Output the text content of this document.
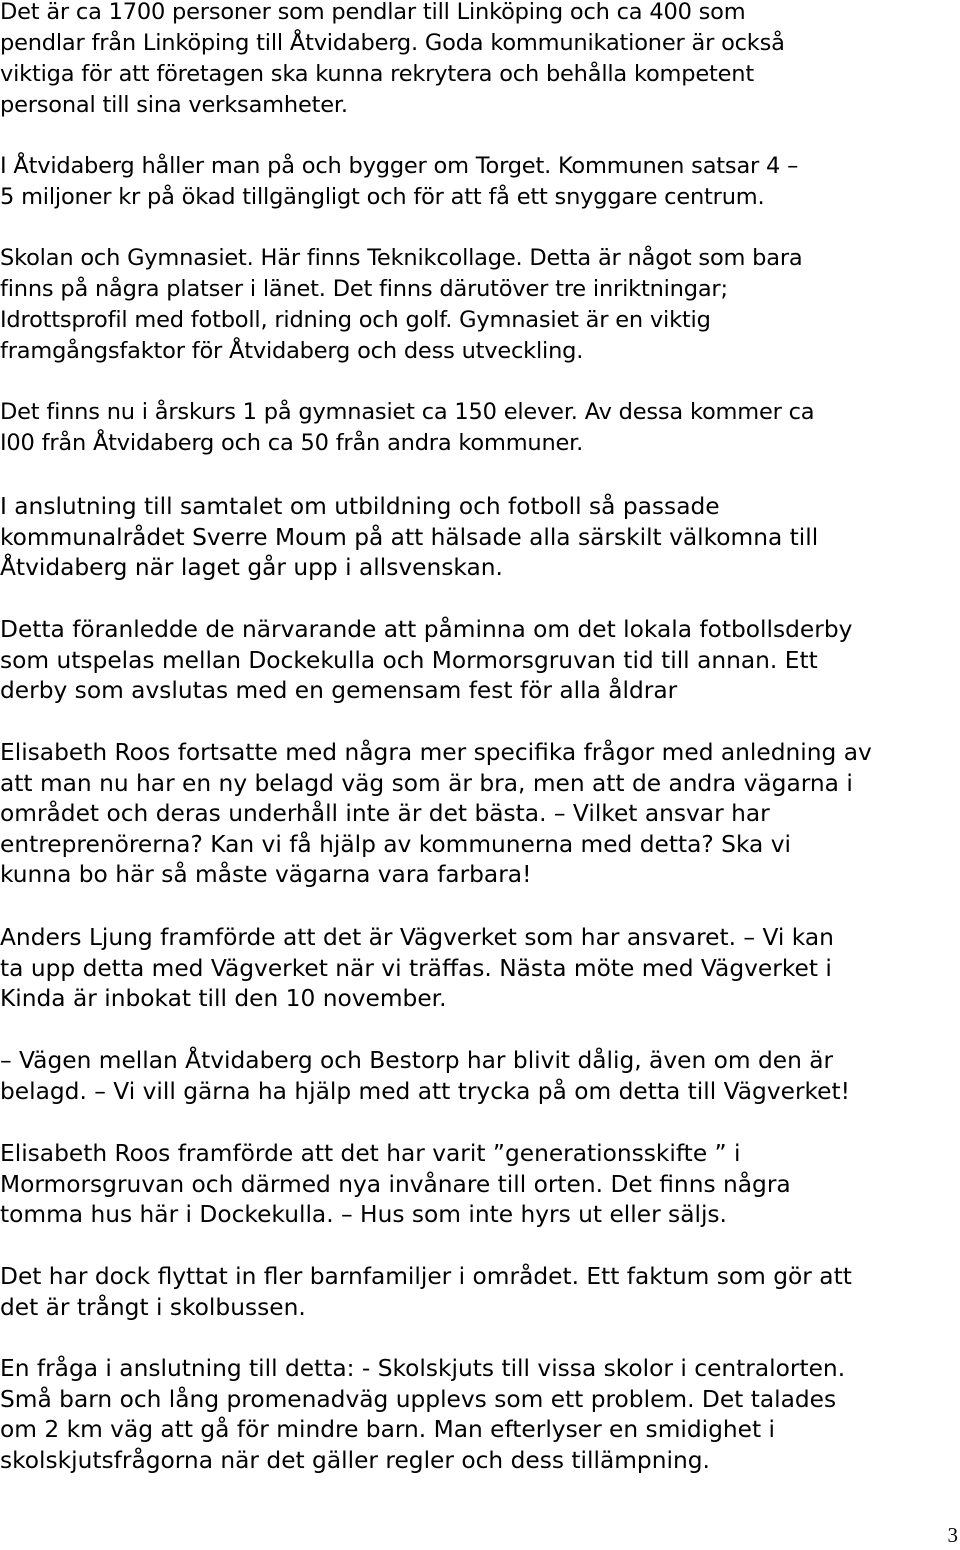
Det är ca 1700 personer som pendlar till Linköping och ca 400 som
pendlar från Linköping till Åtvidaberg. Goda kommunikationer är också
viktiga för att företagen ska kunna rekrytera och behålla kompetent
personal till sina verksamheter.

I Åtvidaberg håller man på och bygger om Torget. Kommunen satsar 4 –
5 miljoner kr på ökad tillgängligt och för att få ett snyggare centrum.

Skolan och Gymnasiet. Här finns Teknikcollage. Detta är något som bara
finns på några platser i länet. Det finns därutöver tre inriktningar;
Idrottsprofil med fotboll, ridning och golf. Gymnasiet är en viktig
framgångsfaktor för Åtvidaberg och dess utveckling.

Det finns nu i årskurs 1 på gymnasiet ca 150 elever. Av dessa kommer ca
I00 från Åtvidaberg och ca 50 från andra kommuner.

I anslutning till samtalet om utbildning och fotboll så passade
kommunalrådet Sverre Moum på att hälsade alla särskilt välkomna till
Åtvidaberg när laget går upp i allsvenskan.

Detta föranledde de närvarande att påminna om det lokala fotbollsderby
som utspelas mellan Dockekulla och Mormorsgruvan tid till annan. Ett
derby som avslutas med en gemensam fest för alla åldrar

Elisabeth Roos fortsatte med några mer specifika frågor med anledning av
att man nu har en ny belagd väg som är bra, men att de andra vägarna i
området och deras underhåll inte är det bästa. – Vilket ansvar har
entreprenörerna? Kan vi få hjälp av kommunerna med detta? Ska vi
kunna bo här så måste vägarna vara farbara!

Anders Ljung framförde att det är Vägverket som har ansvaret. – Vi kan
ta upp detta med Vägverket när vi träffas. Nästa möte med Vägverket i
Kinda är inbokat till den 10 november.

– Vägen mellan Åtvidaberg och Bestorp har blivit dålig, även om den är
belagd. – Vi vill gärna ha hjälp med att trycka på om detta till Vägverket!

Elisabeth Roos framförde att det har varit ”generationsskifte ” i
Mormorsgruvan och därmed nya invånare till orten. Det finns några
tomma hus här i Dockekulla. – Hus som inte hyrs ut eller säljs.

Det har dock flyttat in fler barnfamiljer i området. Ett faktum som gör att
det är trångt i skolbussen.

En fråga i anslutning till detta: - Skolskjuts till vissa skolor i centralorten.
Små barn och lång promenadväg upplevs som ett problem. Det talades
om 2 km väg att gå för mindre barn. Man efterlyser en smidighet i
skolskjutsfrågorna när det gäller regler och dess tillämpning.

3
